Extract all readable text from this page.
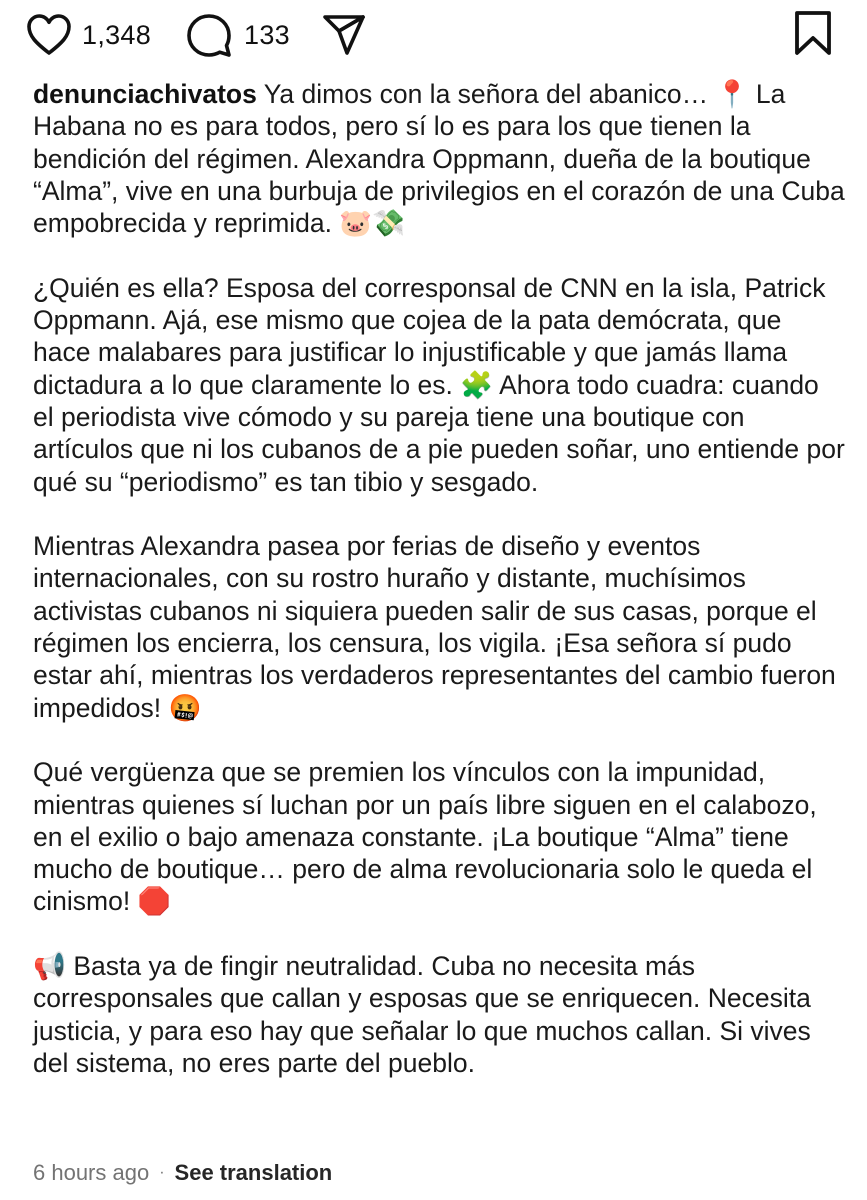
1,348	133

denunciachivatos Ya dimos con la señora del abanico… 📍 La Habana no es para todos, pero sí lo es para los que tienen la bendición del régimen. Alexandra Oppmann, dueña de la boutique “Alma”, vive en una burbuja de privilegios en el corazón de una Cuba empobrecida y reprimida. 🐷💸

¿Quién es ella? Esposa del corresponsal de CNN en la isla, Patrick Oppmann. Ajá, ese mismo que cojea de la pata demócrata, que hace malabares para justificar lo injustificable y que jamás llama dictadura a lo que claramente lo es. 🧩 Ahora todo cuadra: cuando el periodista vive cómodo y su pareja tiene una boutique con artículos que ni los cubanos de a pie pueden soñar, uno entiende por qué su “periodismo” es tan tibio y sesgado.

Mientras Alexandra pasea por ferias de diseño y eventos internacionales, con su rostro huraño y distante, muchísimos activistas cubanos ni siquiera pueden salir de sus casas, porque el régimen los encierra, los censura, los vigila. ¡Esa señora sí pudo estar ahí, mientras los verdaderos representantes del cambio fueron impedidos! 🤬

Qué vergüenza que se premien los vínculos con la impunidad, mientras quienes sí luchan por un país libre siguen en el calabozo, en el exilio o bajo amenaza constante. ¡La boutique “Alma” tiene mucho de boutique… pero de alma revolucionaria solo le queda el cinismo! 🛑

📢 Basta ya de fingir neutralidad. Cuba no necesita más corresponsales que callan y esposas que se enriquecen. Necesita justicia, y para eso hay que señalar lo que muchos callan. Si vives del sistema, no eres parte del pueblo.

6 hours ago · See translation
